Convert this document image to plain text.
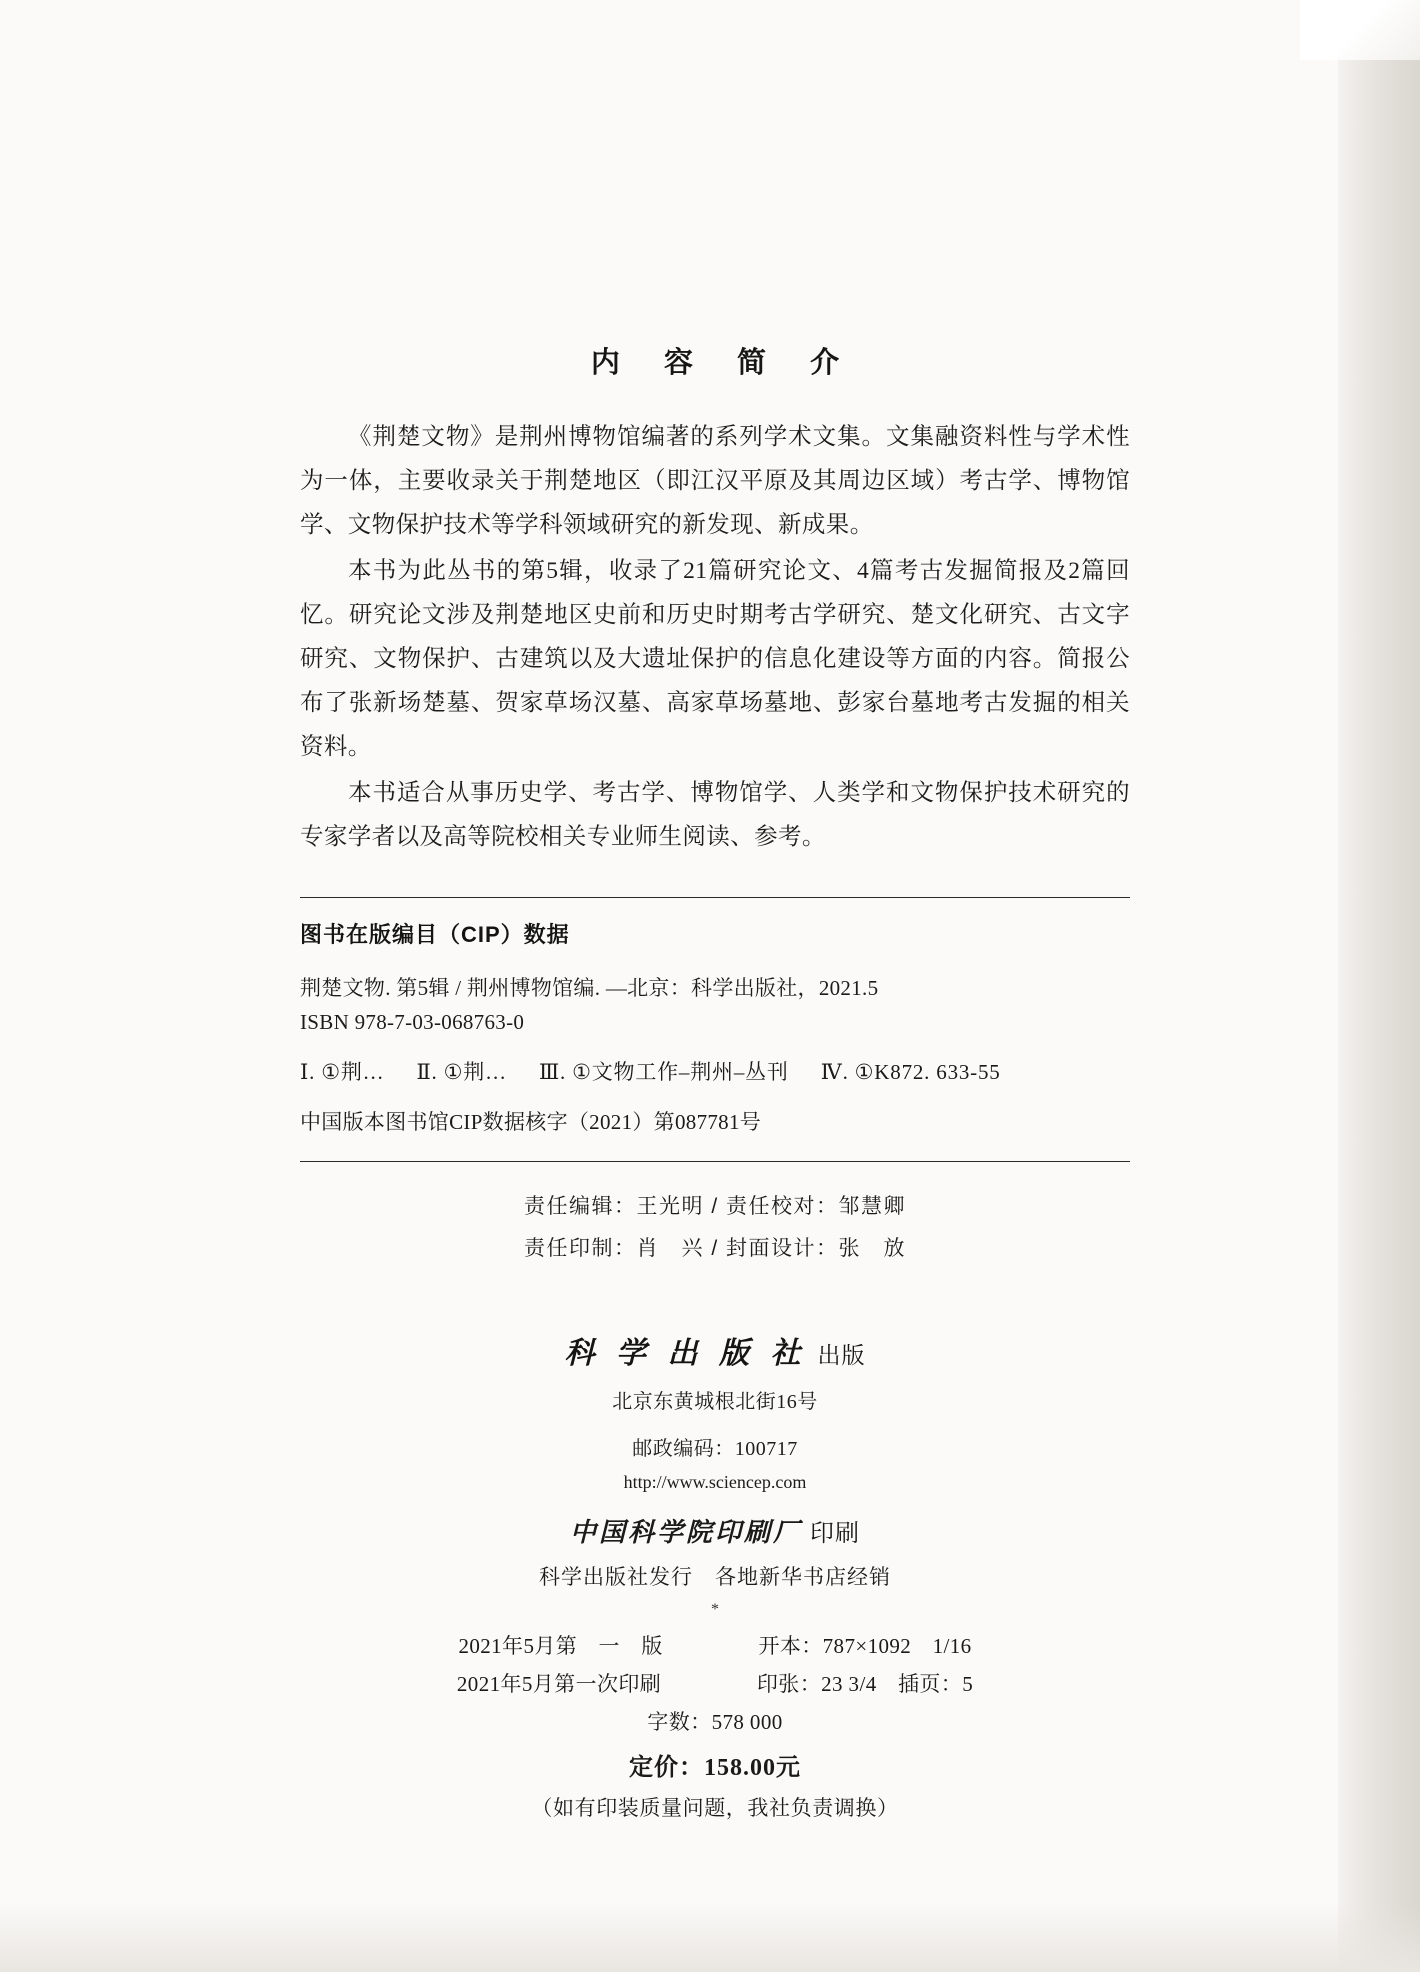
内 容 简 介

《荆楚文物》是荆州博物馆编著的系列学术文集。文集融资料性与学术性为一体，主要收录关于荆楚地区（即江汉平原及其周边区域）考古学、博物馆学、文物保护技术等学科领域研究的新发现、新成果。

本书为此丛书的第5辑，收录了21篇研究论文、4篇考古发掘简报及2篇回忆。研究论文涉及荆楚地区史前和历史时期考古学研究、楚文化研究、古文字研究、文物保护、古建筑以及大遗址保护的信息化建设等方面的内容。简报公布了张新场楚墓、贺家草场汉墓、高家草场墓地、彭家台墓地考古发掘的相关资料。

本书适合从事历史学、考古学、博物馆学、人类学和文物保护技术研究的专家学者以及高等院校相关专业师生阅读、参考。

图书在版编目（CIP）数据
荆楚文物. 第5辑 / 荆州博物馆编. —北京：科学出版社，2021.5
ISBN 978-7-03-068763-0
Ⅰ. ①荆… Ⅱ. ①荆… Ⅲ. ①文物工作–荆州–丛刊 Ⅳ. ①K872. 633-55
中国版本图书馆CIP数据核字（2021）第087781号
责任编辑：王光明 / 责任校对：邹慧卿
责任印制：肖　兴 / 封面设计：张　放
科 学 出 版 社 出版
北京东黄城根北街16号
邮政编码：100717
http://www.sciencep.com
中国科学院印刷厂 印刷
科学出版社发行　各地新华书店经销
*
2021年5月第　一　版	开本：787×1092　1/16
2021年5月第一次印刷	印张：23 3/4　插页：5
字数：578 000
定价：158.00元
（如有印装质量问题，我社负责调换）
